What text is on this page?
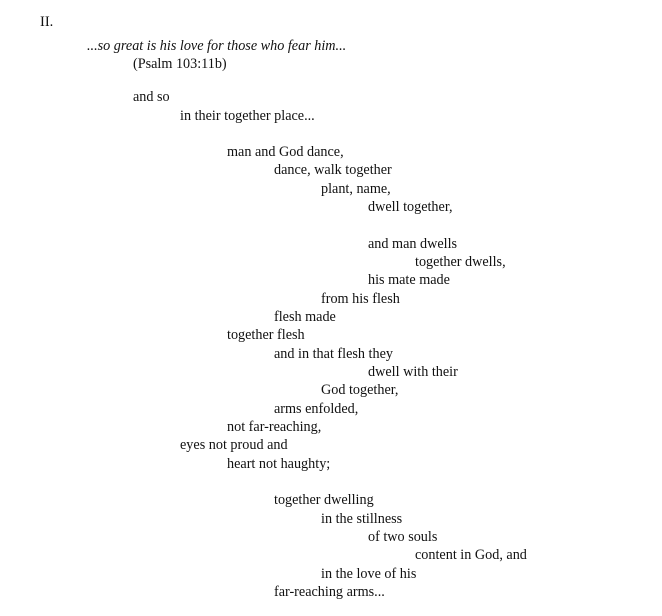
II.
...so great is his love for those who fear him...
(Psalm 103:11b)
and so
in their together place...
man and God dance,
dance, walk together
plant, name,
dwell together,
and man dwells
together dwells,
his mate made
from his flesh
flesh made
together flesh
and in that flesh they
dwell with their
God together,
arms enfolded,
not far-reaching,
eyes not proud and
heart not haughty;
together dwelling
in the stillness
of two souls
content in God, and
in the love of his
far-reaching arms...
